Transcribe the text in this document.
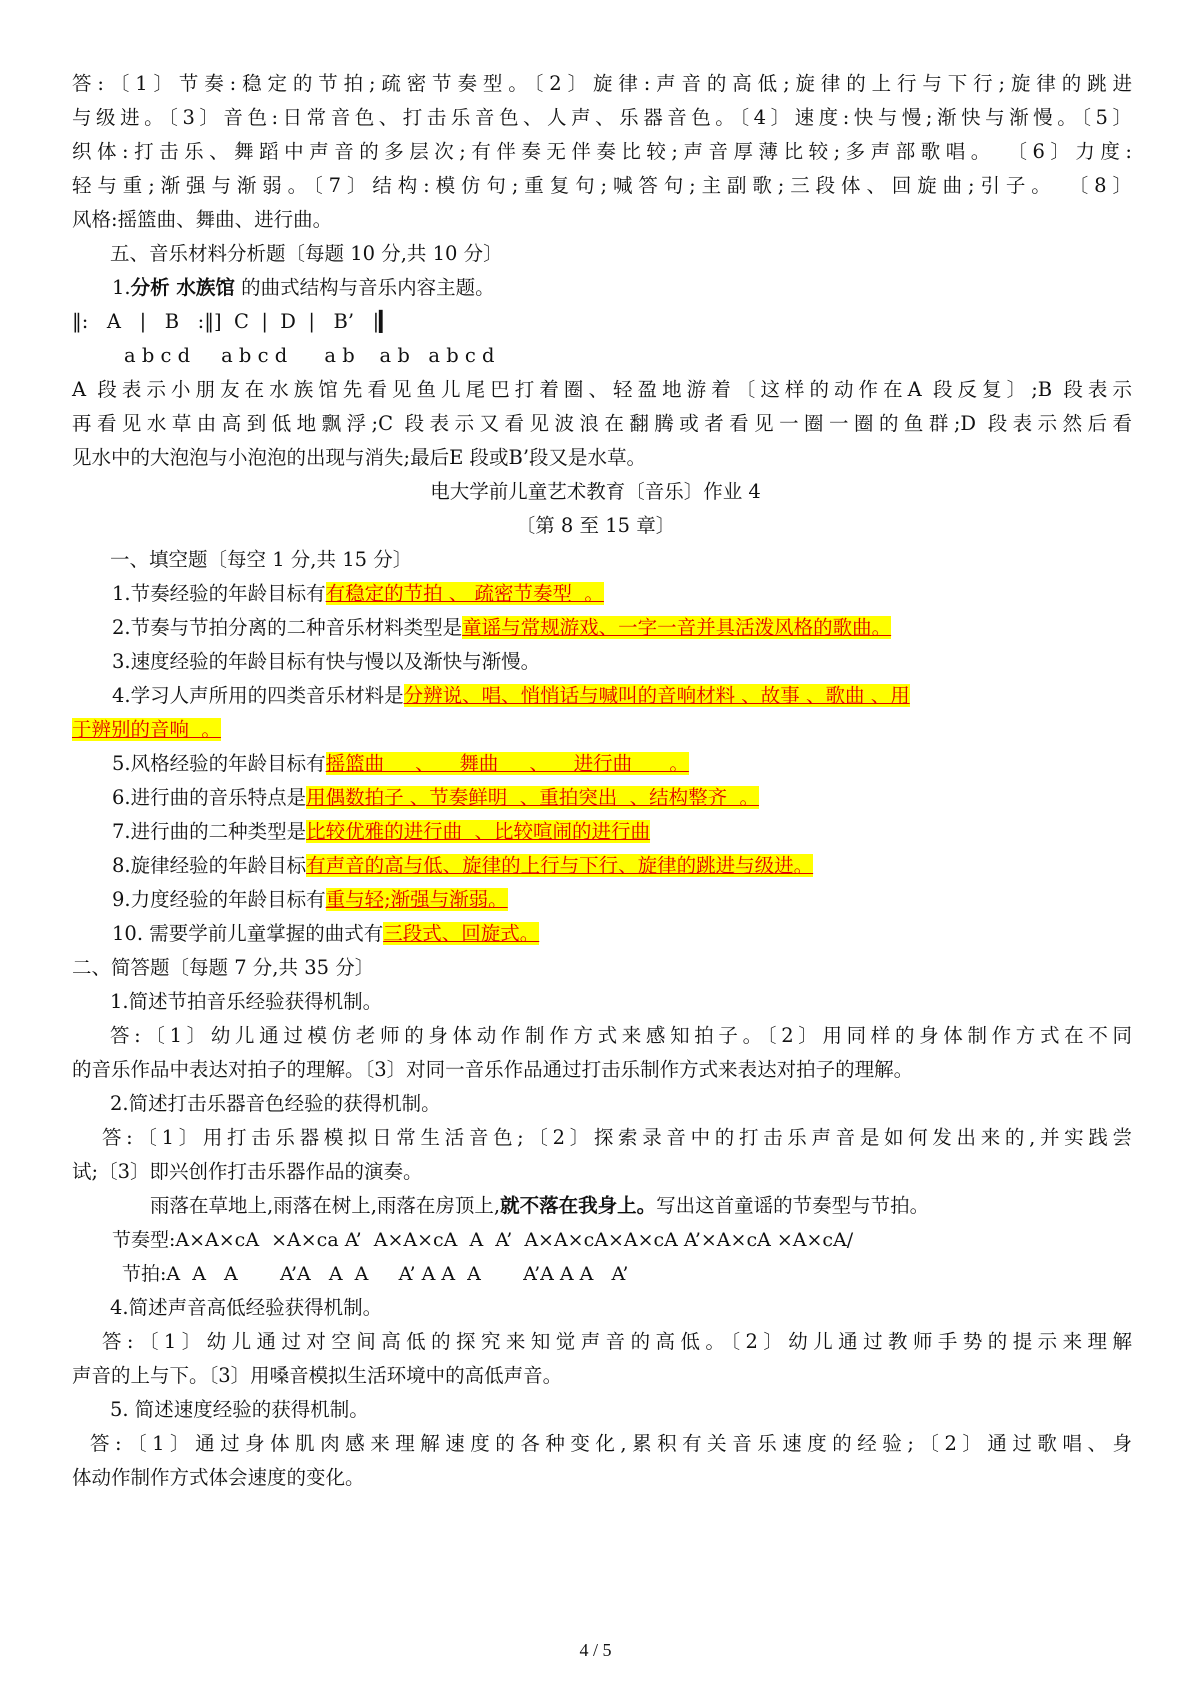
答:〔1〕节奏:稳定的节拍;疏密节奏型。〔2〕旋律:声音的高低;旋律的上行与下行;旋律的跳进
与级进。〔3〕音色:日常音色、打击乐音色、人声、乐器音色。〔4〕速度:快与慢;渐快与渐慢。〔5〕
织体:打击乐、舞蹈中声音的多层次;有伴奏无伴奏比较;声音厚薄比较;多声部歌唱。 〔6〕力度:
轻与重;渐强与渐弱。〔7〕结构:模仿句;重复句;喊答句;主副歌;三段体、回旋曲;引子。 〔8〕
风格:摇篮曲、舞曲、进行曲。
五、音乐材料分析题〔每题 10 分,共 10 分〕
1.分析 水族馆 的曲式结构与音乐内容主题。
‖:   A   |   B   :‖]  C  |  D  |   B’   |▎
a b c d     a b c d      a b    a b   a b c d
A 段表示小朋友在水族馆先看见鱼儿尾巴打着圈、轻盈地游着〔这样的动作在A 段反复〕;B 段表示
再看见水草由高到低地飘浮;C 段表示又看见波浪在翻腾或者看见一圈一圈的鱼群;D 段表示然后看
见水中的大泡泡与小泡泡的出现与消失;最后E 段或B’段又是水草。
电大学前儿童艺术教育〔音乐〕作业 4
〔第 8 至 15 章〕
一、填空题〔每空 1 分,共 15 分〕
1.节奏经验的年龄目标有有稳定的节拍 、 疏密节奏型  。
2.节奏与节拍分离的二种音乐材料类型是童谣与常规游戏、一字一音并具活泼风格的歌曲。
3.速度经验的年龄目标有快与慢以及渐快与渐慢。
4.学习人声所用的四类音乐材料是分辨说、唱、悄悄话与喊叫的音响材料 、故事 、歌曲 、用
于辨别的音响  。
5.风格经验的年龄目标有摇篮曲     、    舞曲     、    进行曲      。
6.进行曲的音乐特点是用偶数拍子 、节奏鲜明  、重拍突出  、结构整齐  。
7.进行曲的二种类型是比较优雅的进行曲  、比较喧闹的进行曲
8.旋律经验的年龄目标有声音的高与低、旋律的上行与下行、旋律的跳进与级进。
9.力度经验的年龄目标有重与轻;渐强与渐弱。
10. 需要学前儿童掌握的曲式有三段式、回旋式。
二、简答题〔每题 7 分,共 35 分〕
1.简述节拍音乐经验获得机制。
答:〔1〕幼儿通过模仿老师的身体动作制作方式来感知拍子。〔2〕用同样的身体制作方式在不同
的音乐作品中表达对拍子的理解。〔3〕对同一音乐作品通过打击乐制作方式来表达对拍子的理解。
2.简述打击乐器音色经验的获得机制。
答:〔1〕用打击乐器模拟日常生活音色;〔2〕探索录音中的打击乐声音是如何发出来的,并实践尝
试;〔3〕即兴创作打击乐器作品的演奏。
雨落在草地上,雨落在树上,雨落在房顶上,就不落在我身上。写出这首童谣的节奏型与节拍。
节奏型:A×A×cA  ×A×ca A’  A×A×cA  A  A’  A×A×cA×A×cA A’×A×cA ×A×cA/
节拍:A  A   A       A’A   A  A     A’ A A  A       A’A A A   A’
4.简述声音高低经验获得机制。
答:〔1〕幼儿通过对空间高低的探究来知觉声音的高低。〔2〕幼儿通过教师手势的提示来理解
声音的上与下。〔3〕用嗓音模拟生活环境中的高低声音。
5. 简述速度经验的获得机制。
答:〔1〕通过身体肌肉感来理解速度的各种变化,累积有关音乐速度的经验;〔2〕通过歌唱、身
体动作制作方式体会速度的变化。
4 / 5
